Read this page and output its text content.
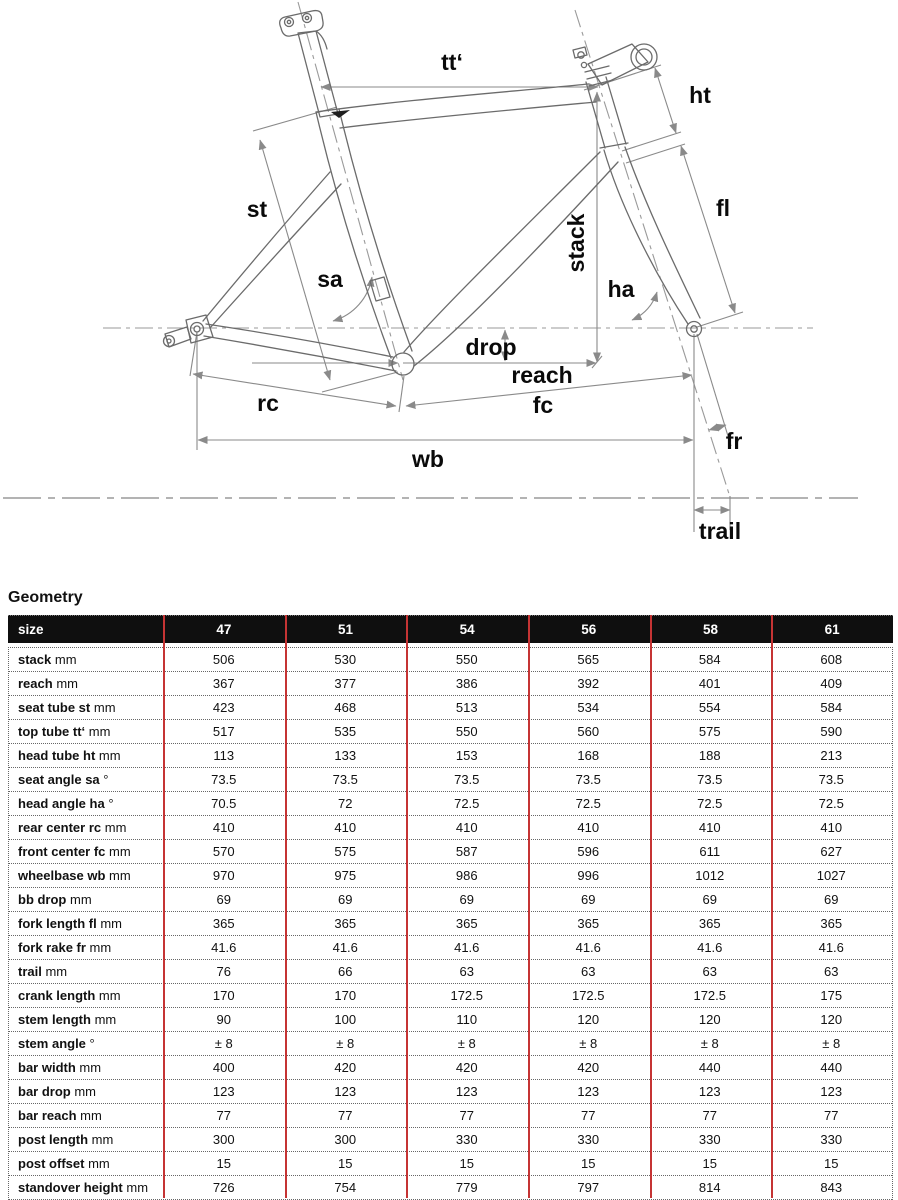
tt‘
st
stack
ht
fl
sa	ha
drop
reach
rc	fc
wb
fr
trail
Geometry
size	47	51	54	56	58	61
stack mm	506	530	550	565	584	608
reach mm	367	377	386	392	401	409
seat tube st mm	423	468	513	534	554	584
top tube tt‘ mm	517	535	550	560	575	590
head tube ht mm	113	133	153	168	188	213
seat angle sa °	73.5	73.5	73.5	73.5	73.5	73.5
head angle ha °	70.5	72	72.5	72.5	72.5	72.5
rear center rc mm	410	410	410	410	410	410
front center fc mm	570	575	587	596	611	627
wheelbase wb mm	970	975	986	996	1012	1027
bb drop mm	69	69	69	69	69	69
fork length fl mm	365	365	365	365	365	365
fork rake fr mm	41.6	41.6	41.6	41.6	41.6	41.6
trail mm	76	66	63	63	63	63
crank length mm	170	170	172.5	172.5	172.5	175
stem length mm	90	100	110	120	120	120
stem angle °	± 8	± 8	± 8	± 8	± 8	± 8
bar width mm	400	420	420	420	440	440
bar drop mm	123	123	123	123	123	123
bar reach mm	77	77	77	77	77	77
post length mm	300	300	330	330	330	330
post offset mm	15	15	15	15	15	15
standover height mm	726	754	779	797	814	843
